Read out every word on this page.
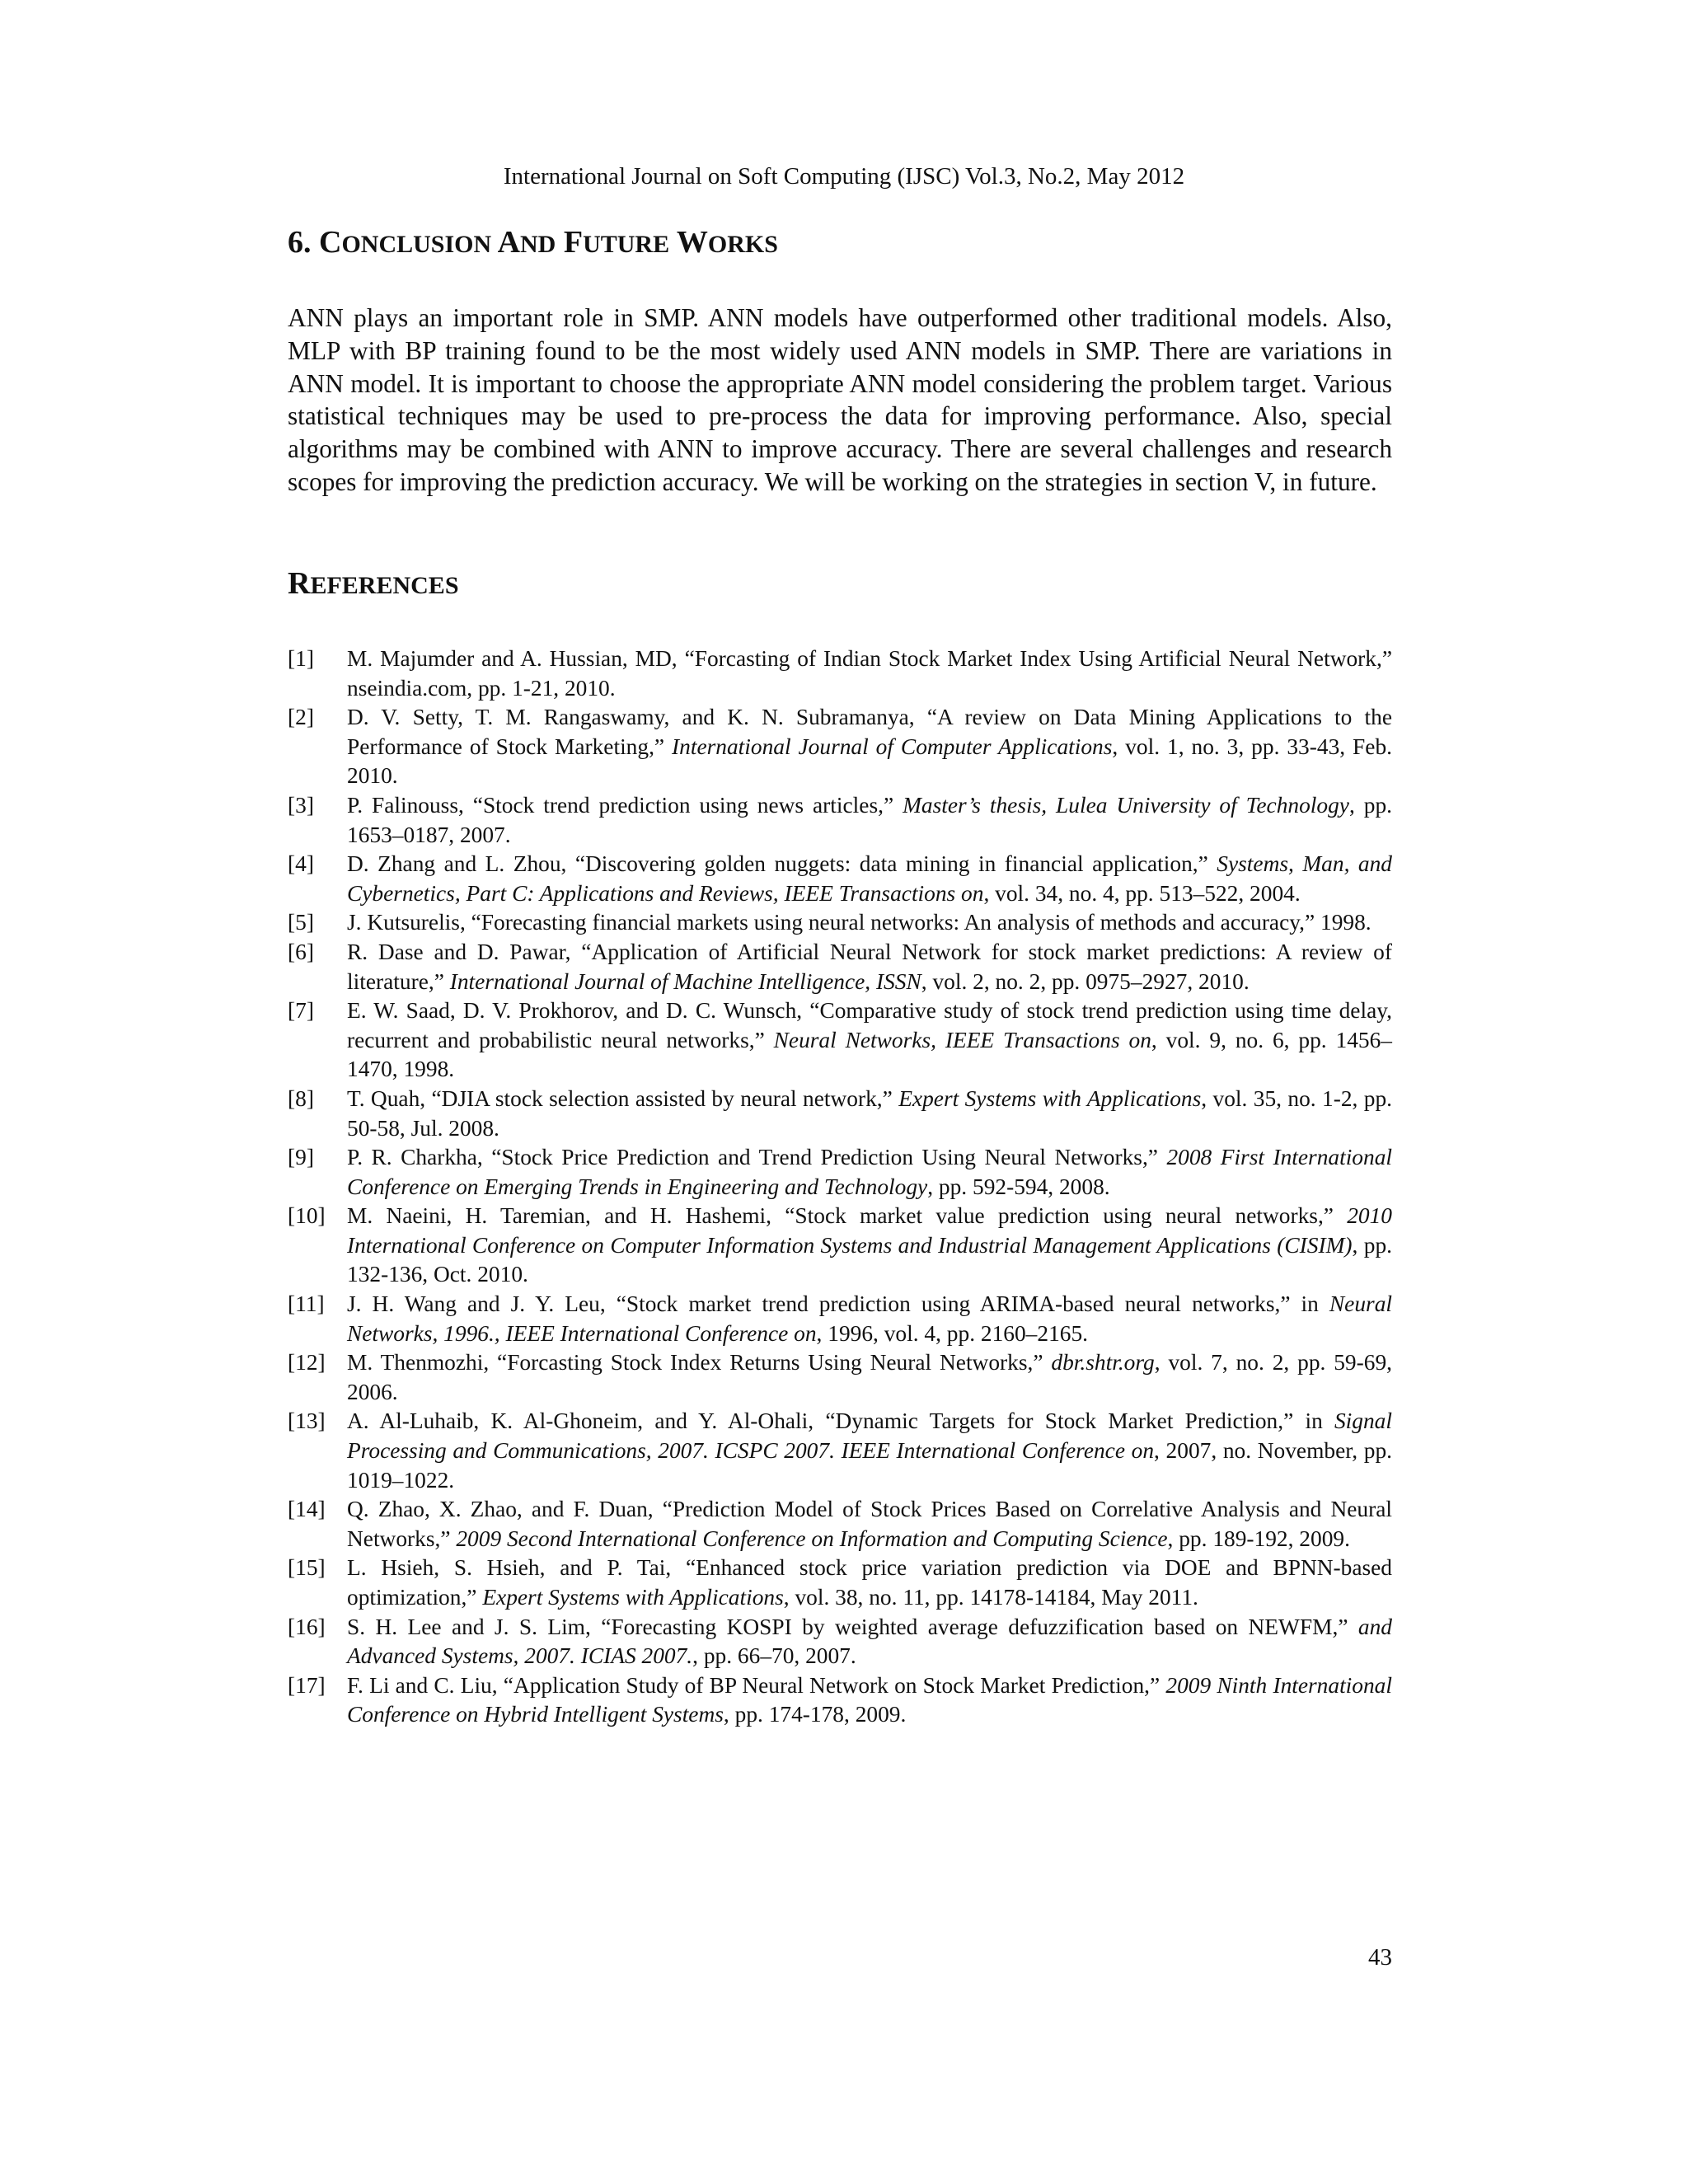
International Journal on Soft Computing (IJSC) Vol.3, No.2, May 2012
6. CONCLUSION AND FUTURE WORKS

ANN plays an important role in SMP. ANN models have outperformed other traditional models. Also, MLP with BP training found to be the most widely used ANN models in SMP. There are variations in ANN model. It is important to choose the appropriate ANN model considering the problem target. Various statistical techniques may be used to pre-process the data for improving performance. Also, special algorithms may be combined with ANN to improve accuracy. There are several challenges and research scopes for improving the prediction accuracy. We will be working on the strategies in section V, in future.

REFERENCES
[1]	M. Majumder and A. Hussian, MD, “Forcasting of Indian Stock Market Index Using Artificial Neural Network,” nseindia.com, pp. 1-21, 2010.
[2]	D. V. Setty, T. M. Rangaswamy, and K. N. Subramanya, “A review on Data Mining Applications to the Performance of Stock Marketing,” International Journal of Computer Applications, vol. 1, no. 3, pp. 33-43, Feb. 2010.
[3]	P. Falinouss, “Stock trend prediction using news articles,” Master’s thesis, Lulea University of Technology, pp. 1653–0187, 2007.
[4]	D. Zhang and L. Zhou, “Discovering golden nuggets: data mining in financial application,” Systems, Man, and Cybernetics, Part C: Applications and Reviews, IEEE Transactions on, vol. 34, no. 4, pp. 513–522, 2004.
[5]	J. Kutsurelis, “Forecasting financial markets using neural networks: An analysis of methods and accuracy,” 1998.
[6]	R. Dase and D. Pawar, “Application of Artificial Neural Network for stock market predictions: A review of literature,” International Journal of Machine Intelligence, ISSN, vol. 2, no. 2, pp. 0975–2927, 2010.
[7]	E. W. Saad, D. V. Prokhorov, and D. C. Wunsch, “Comparative study of stock trend prediction using time delay, recurrent and probabilistic neural networks,” Neural Networks, IEEE Transactions on, vol. 9, no. 6, pp. 1456–1470, 1998.
[8]	T. Quah, “DJIA stock selection assisted by neural network,” Expert Systems with Applications, vol. 35, no. 1-2, pp. 50-58, Jul. 2008.
[9]	P. R. Charkha, “Stock Price Prediction and Trend Prediction Using Neural Networks,” 2008 First International Conference on Emerging Trends in Engineering and Technology, pp. 592-594, 2008.
[10] M. Naeini, H. Taremian, and H. Hashemi, “Stock market value prediction using neural networks,” 2010 International Conference on Computer Information Systems and Industrial Management Applications (CISIM), pp. 132-136, Oct. 2010.
[11] J. H. Wang and J. Y. Leu, “Stock market trend prediction using ARIMA-based neural networks,” in Neural Networks, 1996., IEEE International Conference on, 1996, vol. 4, pp. 2160–2165.
[12] M. Thenmozhi, “Forcasting Stock Index Returns Using Neural Networks,” dbr.shtr.org, vol. 7, no. 2, pp. 59-69, 2006.
[13] A. Al-Luhaib, K. Al-Ghoneim, and Y. Al-Ohali, “Dynamic Targets for Stock Market Prediction,” in Signal Processing and Communications, 2007. ICSPC 2007. IEEE International Conference on, 2007, no. November, pp. 1019–1022.
[14] Q. Zhao, X. Zhao, and F. Duan, “Prediction Model of Stock Prices Based on Correlative Analysis and Neural Networks,” 2009 Second International Conference on Information and Computing Science, pp. 189-192, 2009.
[15] L. Hsieh, S. Hsieh, and P. Tai, “Enhanced stock price variation prediction via DOE and BPNN-based optimization,” Expert Systems with Applications, vol. 38, no. 11, pp. 14178-14184, May 2011.
[16] S. H. Lee and J. S. Lim, “Forecasting KOSPI by weighted average defuzzification based on NEWFM,” and Advanced Systems, 2007. ICIAS 2007., pp. 66–70, 2007.
[17] F. Li and C. Liu, “Application Study of BP Neural Network on Stock Market Prediction,” 2009 Ninth International Conference on Hybrid Intelligent Systems, pp. 174-178, 2009.
43
